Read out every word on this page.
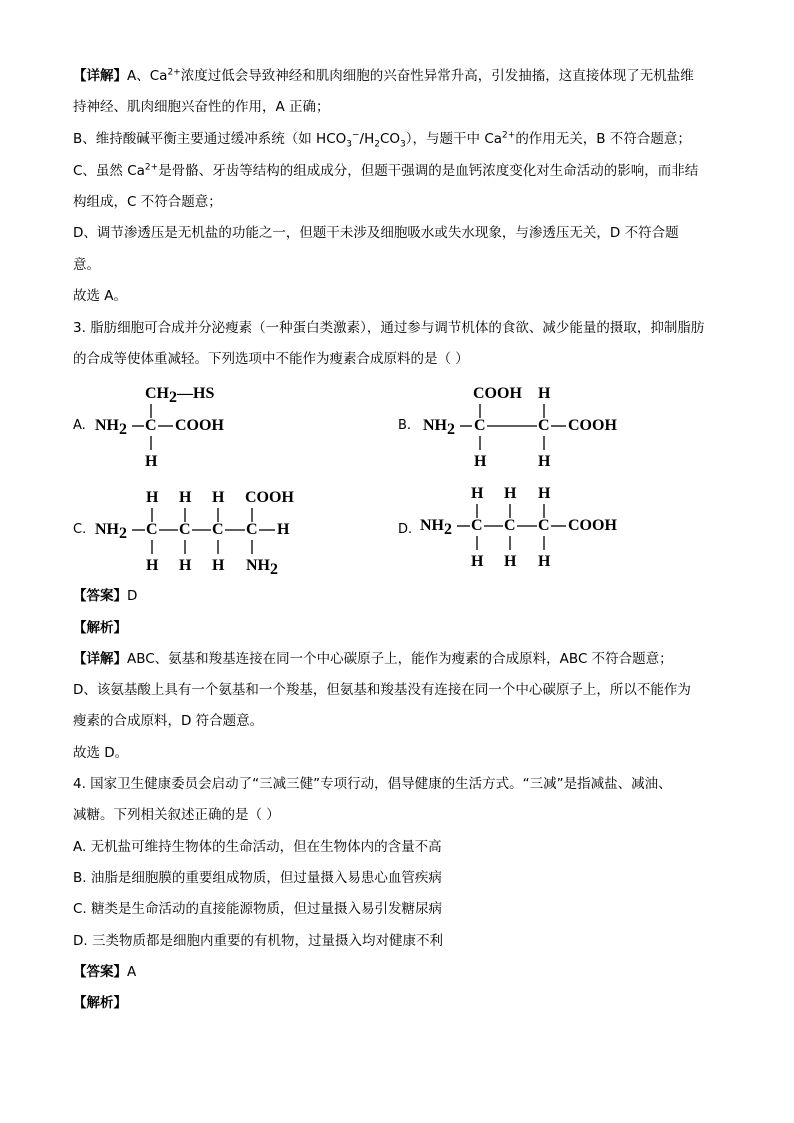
【详解】A、$Ca^{2+}$浓度过低会导致神经和肌肉细胞的兴奋性异常升高，引发抽搐，这直接体现了无机盐维
持神经、肌肉细胞兴奋性的作用，A 正确；
B、维持酸碱平衡主要通过缓冲系统（如 $HCO_3^-/H_2CO_3$），与题干中 $Ca^{2+}$的作用无关，B 不符合题意；
C、虽然 $Ca^{2+}$是骨骼、牙齿等结构的组成成分，但题干强调的是血钙浓度变化对生命活动的影响，而非结
构组成，C 不符合题意；
D、调节渗透压是无机盐的功能之一，但题干未涉及细胞吸水或失水现象，与渗透压无关，D 不符合题
意。
故选 A。
3. 脂肪细胞可合成并分泌瘦素（一种蛋白类激素），通过参与调节机体的食欲、减少能量的摄取，抑制脂肪
的合成等使体重减轻。下列选项中不能作为瘦素合成原料的是（ ）
A.
CH2—HS
NH2 C COOH
H
B.
COOH H
NH2 C	C COOH
H	H
C.
H H H COOH
NH2 C C C C H
H H H NH2
D.
H H H
NH2 C C C COOH
H H H
【答案】D
【解析】
【详解】ABC、氨基和羧基连接在同一个中心碳原子上，能作为瘦素的合成原料，ABC 不符合题意；
D、该氨基酸上具有一个氨基和一个羧基，但氨基和羧基没有连接在同一个中心碳原子上，所以不能作为
瘦素的合成原料，D 符合题意。
故选 D。
4. 国家卫生健康委员会启动了“三减三健”专项行动，倡导健康的生活方式。“三减”是指减盐、减油、
减糖。下列相关叙述正确的是（ ）
A. 无机盐可维持生物体的生命活动，但在生物体内的含量不高
B. 油脂是细胞膜的重要组成物质，但过量摄入易患心血管疾病
C. 糖类是生命活动的直接能源物质，但过量摄入易引发糖尿病
D. 三类物质都是细胞内重要的有机物，过量摄入均对健康不利
【答案】A
【解析】
